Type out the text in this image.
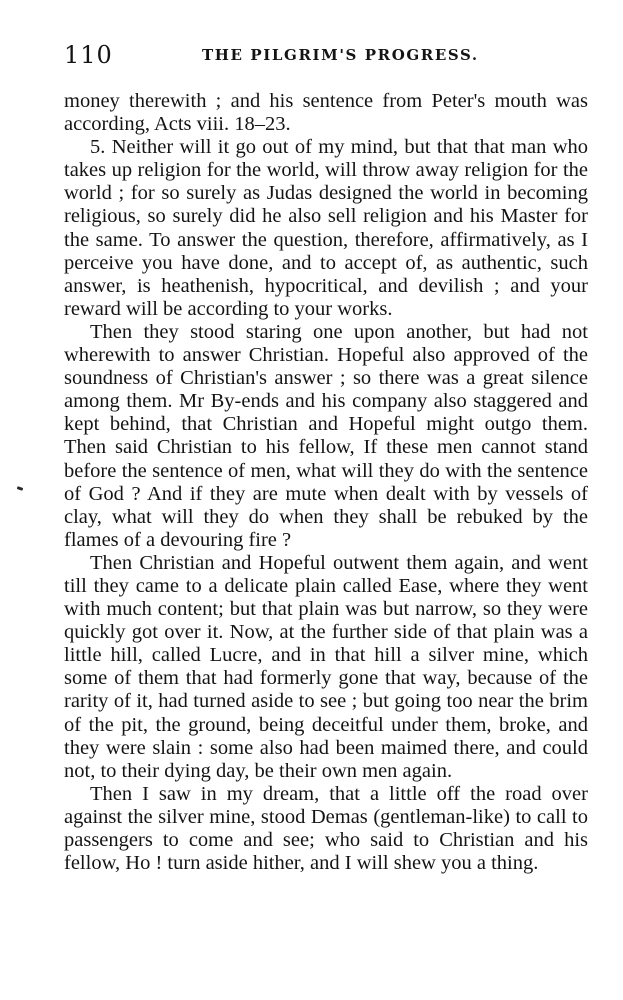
110	THE PILGRIM'S PROGRESS.

money therewith ; and his sentence from Peter's mouth was according, Acts viii. 18–23.

5. Neither will it go out of my mind, but that that man who takes up religion for the world, will throw away religion for the world ; for so surely as Judas designed the world in becoming religious, so surely did he also sell religion and his Master for the same. To answer the question, therefore, affirmatively, as I perceive you have done, and to accept of, as authentic, such answer, is heathenish, hypocritical, and devilish ; and your reward will be according to your works.

Then they stood staring one upon another, but had not wherewith to answer Christian. Hopeful also approved of the soundness of Christian's answer ; so there was a great silence among them. Mr By-ends and his company also staggered and kept behind, that Christian and Hopeful might outgo them. Then said Christian to his fellow, If these men cannot stand before the sentence of men, what will they do with the sentence of God ? And if they are mute when dealt with by vessels of clay, what will they do when they shall be rebuked by the flames of a devouring fire ?

Then Christian and Hopeful outwent them again, and went till they came to a delicate plain called Ease, where they went with much content; but that plain was but narrow, so they were quickly got over it. Now, at the further side of that plain was a little hill, called Lucre, and in that hill a silver mine, which some of them that had formerly gone that way, because of the rarity of it, had turned aside to see ; but going too near the brim of the pit, the ground, being deceitful under them, broke, and they were slain : some also had been maimed there, and could not, to their dying day, be their own men again.

Then I saw in my dream, that a little off the road over against the silver mine, stood Demas (gentleman-like) to call to passengers to come and see; who said to Christian and his fellow, Ho ! turn aside hither, and I will shew you a thing.
